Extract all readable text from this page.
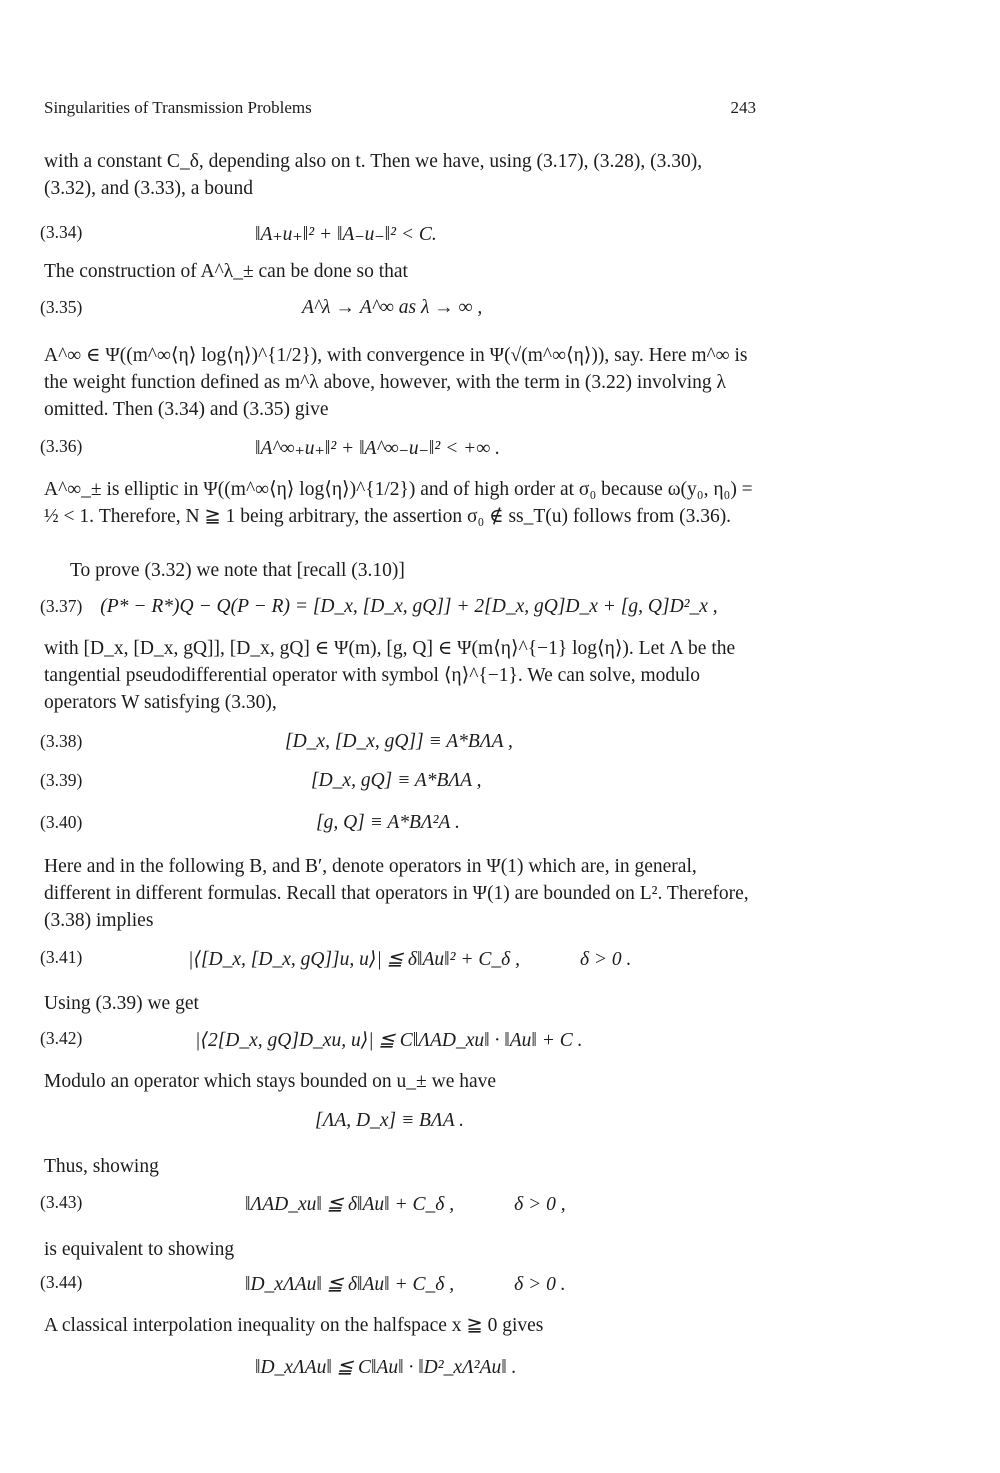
Singularities of Transmission Problems	243
with a constant C_δ, depending also on t. Then we have, using (3.17), (3.28), (3.30), (3.32), and (3.33), a bound
(3.34)	‖A₊u₊‖² + ‖A₋u₋‖² < C.
The construction of A^λ_± can be done so that
(3.35)	A^λ → A^∞ as λ → ∞ ,
A^∞ ∈ Ψ((m^∞⟨η⟩ log⟨η⟩)^{1/2}), with convergence in Ψ(√(m^∞⟨η⟩)), say. Here m^∞ is the weight function defined as m^λ above, however, with the term in (3.22) involving λ omitted. Then (3.34) and (3.35) give
(3.36)	‖A^∞₊u₊‖² + ‖A^∞₋u₋‖² < +∞ .
A^∞_± is elliptic in Ψ((m^∞⟨η⟩ log⟨η⟩)^{1/2}) and of high order at σ₀ because ω(y₀, η₀) = ½ < 1. Therefore, N ≧ 1 being arbitrary, the assertion σ₀ ∉ ss_T(u) follows from (3.36).
To prove (3.32) we note that [recall (3.10)]
(3.37) (P* − R*)Q − Q(P − R) = [D_x, [D_x, gQ]] + 2[D_x, gQ]D_x + [g, Q]D²_x ,
with [D_x, [D_x, gQ]], [D_x, gQ] ∈ Ψ(m), [g, Q] ∈ Ψ(m⟨η⟩^{−1} log⟨η⟩). Let Λ be the tangential pseudodifferential operator with symbol ⟨η⟩^{−1}. We can solve, modulo operators W satisfying (3.30),
(3.38)	[D_x, [D_x, gQ]] ≡ A*BΛA ,
(3.39)	[D_x, gQ] ≡ A*BΛA ,
(3.40)	[g, Q] ≡ A*BΛ²A .
Here and in the following B, and B′, denote operators in Ψ(1) which are, in general, different in different formulas. Recall that operators in Ψ(1) are bounded on L². Therefore, (3.38) implies
(3.41)	|⟨[D_x, [D_x, gQ]]u, u⟩| ≦ δ‖Au‖² + C_δ ,	δ > 0 .
Using (3.39) we get
(3.42)	|⟨2[D_x, gQ]D_xu, u⟩| ≦ C‖ΛAD_xu‖ · ‖Au‖ + C .
Modulo an operator which stays bounded on u_± we have
[ΛA, D_x] ≡ BΛA .
Thus, showing
(3.43)	‖ΛAD_xu‖ ≦ δ‖Au‖ + C_δ ,	δ > 0 ,
is equivalent to showing
(3.44)	‖D_xΛAu‖ ≦ δ‖Au‖ + C_δ ,	δ > 0 .
A classical interpolation inequality on the halfspace x ≧ 0 gives
‖D_xΛAu‖ ≦ C‖Au‖ · ‖D²_xΛ²Au‖ .
